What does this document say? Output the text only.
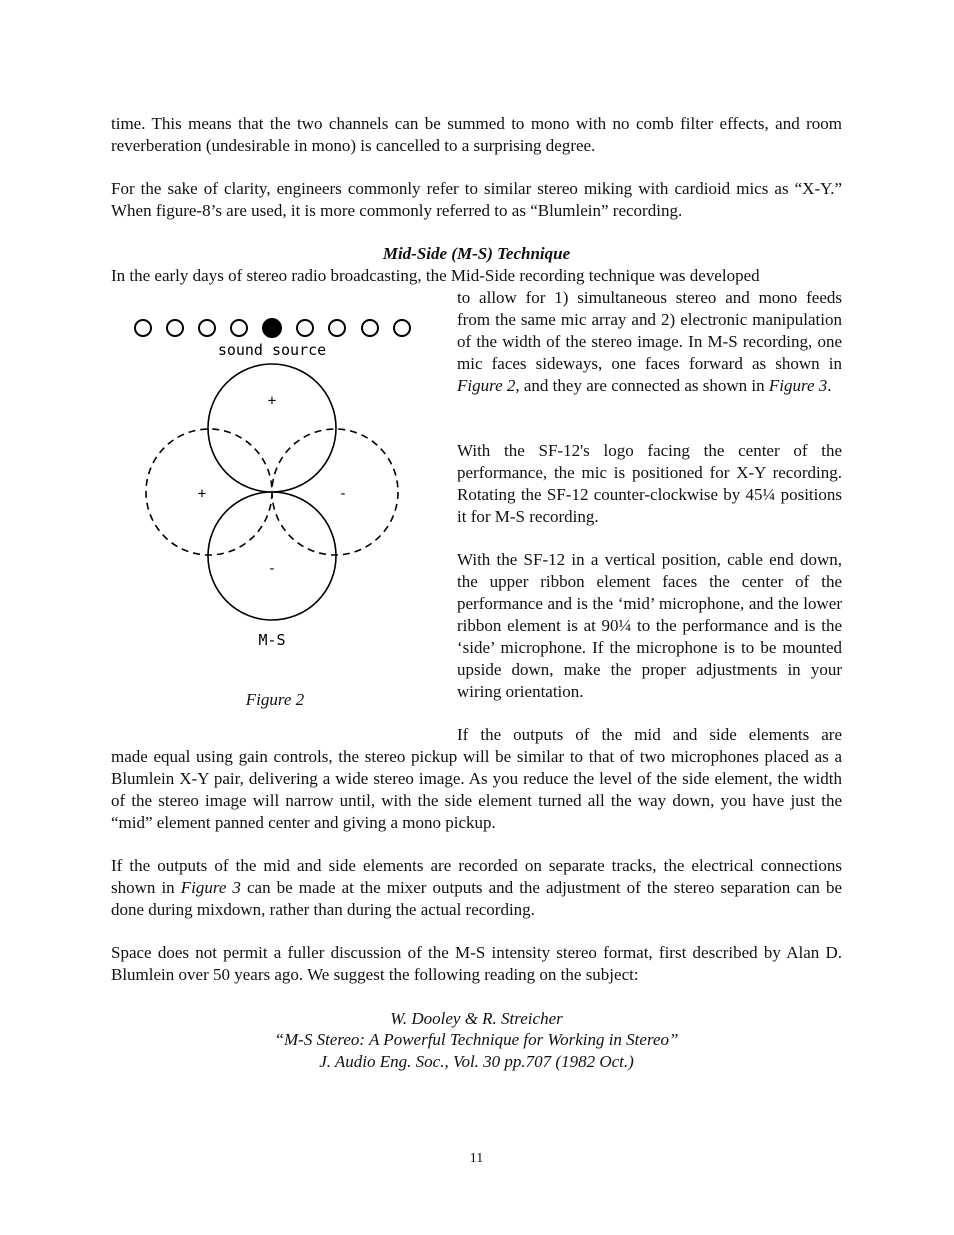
time. This means that the two channels can be summed to mono with no comb filter effects, and room reverberation (undesirable in mono) is cancelled to a surprising degree.

For the sake of clarity, engineers commonly refer to similar stereo miking with cardioid mics as “X-Y.” When figure-8’s are used, it is more commonly referred to as “Blumlein” recording.

Mid-Side (M-S) Technique
In the early days of stereo radio broadcasting, the Mid-Side recording technique was developed

to allow for 1) simultaneous stereo and mono feeds from the same mic array and 2) electronic manipulation of the width of the stereo image. In M-S recording, one mic faces sideways, one faces forward as shown in Figure 2, and they are connected as shown in Figure 3.

With the SF-12's logo facing the center of the performance, the mic is positioned for X-Y recording. Rotating the SF-12 counter-clockwise by 45¼ positions it for M-S recording.

With the SF-12 in a vertical position, cable end down, the upper ribbon element faces the center of the performance and is the ‘mid’ microphone, and the lower ribbon element is at 90¼ to the performance and is the ‘side’ microphone. If the microphone is to be mounted upside down, make the proper adjustments in your wiring orientation.

If the outputs of the mid and side elements are

made equal using gain controls, the stereo pickup will be similar to that of two microphones placed as a Blumlein X-Y pair, delivering a wide stereo image. As you reduce the level of the side element, the width of the stereo image will narrow until, with the side element turned all the way down, you have just the “mid” element panned center and giving a mono pickup.

If the outputs of the mid and side elements are recorded on separate tracks, the electrical connections shown in Figure 3 can be made at the mixer outputs and the adjustment of the stereo separation can be done during mixdown, rather than during the actual recording.

Space does not permit a fuller discussion of the M-S intensity stereo format, first described by Alan D. Blumlein over 50 years ago. We suggest the following reading on the subject:

sound source
+
+	-
-
M-S
Figure 2
W. Dooley & R. Streicher
“M-S Stereo: A Powerful Technique for Working in Stereo”
J. Audio Eng. Soc., Vol. 30 pp.707 (1982 Oct.)
11
